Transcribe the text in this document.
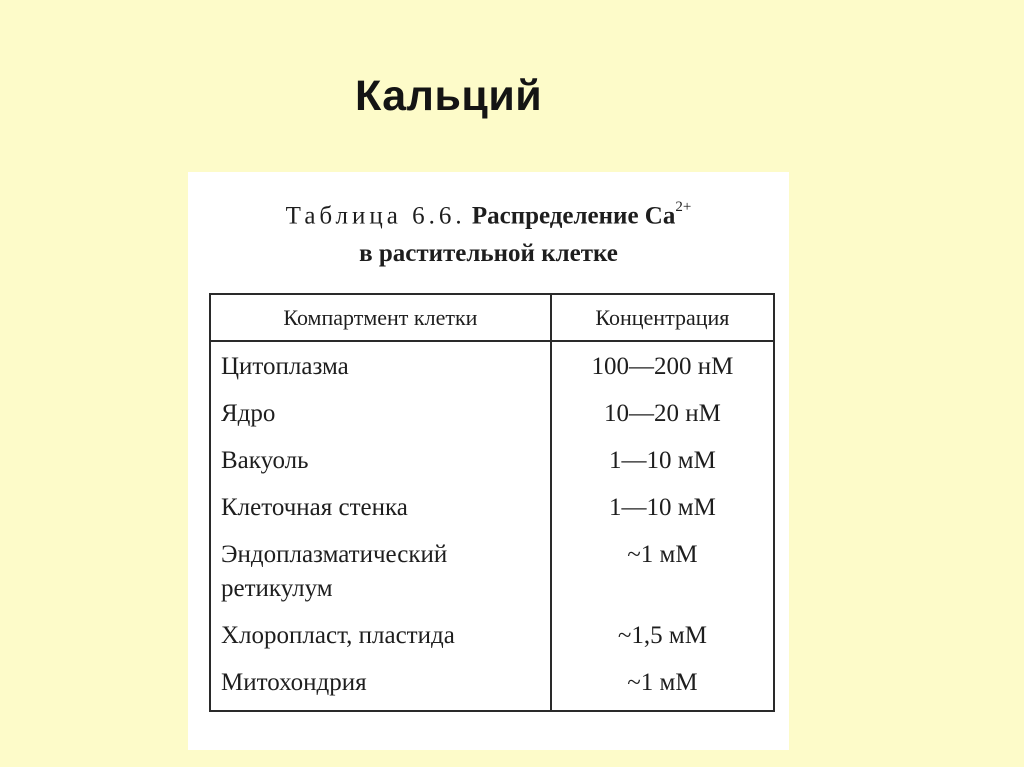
Кальций
Таблица 6.6. Распределение $Ca^{2+}$
в растительной клетке
Компартмент клетки	Концентрация
Цитоплазма	100—200 нМ
Ядро	10—20 нМ
Вакуоль	1—10 мМ
Клеточная стенка	1—10 мМ
Эндоплазматический ретикулум	~1 мМ
Хлоропласт, пластида	~1,5 мМ
Митохондрия	~1 мМ
